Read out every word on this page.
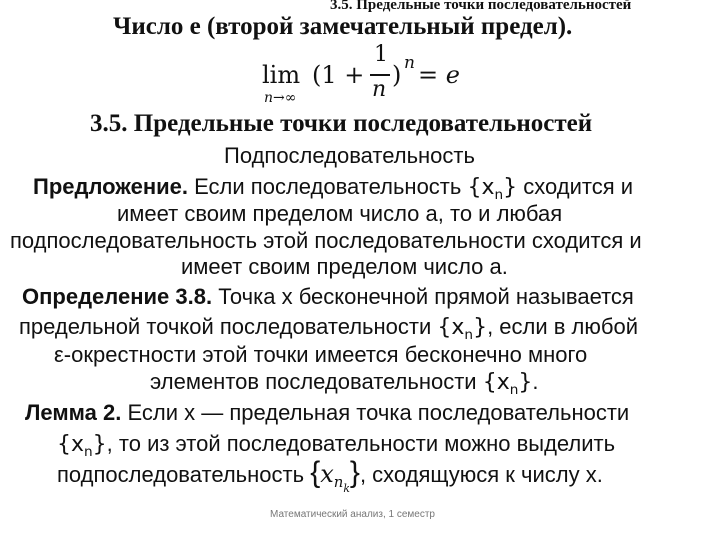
3.5. Предельные точки последовательностей
Число е (второй замечательный предел).
lim
n→∞
(1 +
1
n
) n = e
3.5. Предельные точки последовательностей
Подпоследовательность
Предложение. Если последовательность $\{x_n\}$ сходится и
имеет своим пределом число а, то и любая
подпоследовательность этой последовательности сходится и
имеет своим пределом число а.
Определение 3.8. Точка х бесконечной прямой называется
предельной точкой последовательности $\{x_n\}$, если в любой
ε-окрестности этой точки имеется бесконечно много
элементов последовательности $\{x_n\}$.
Лемма 2. Если х — предельная точка последовательности
$\{x_n\}$, то из этой последовательности можно выделить
подпоследовательность $\{x_{nk}\}$, сходящуюся к числу х.
Математический анализ, 1 семестр
